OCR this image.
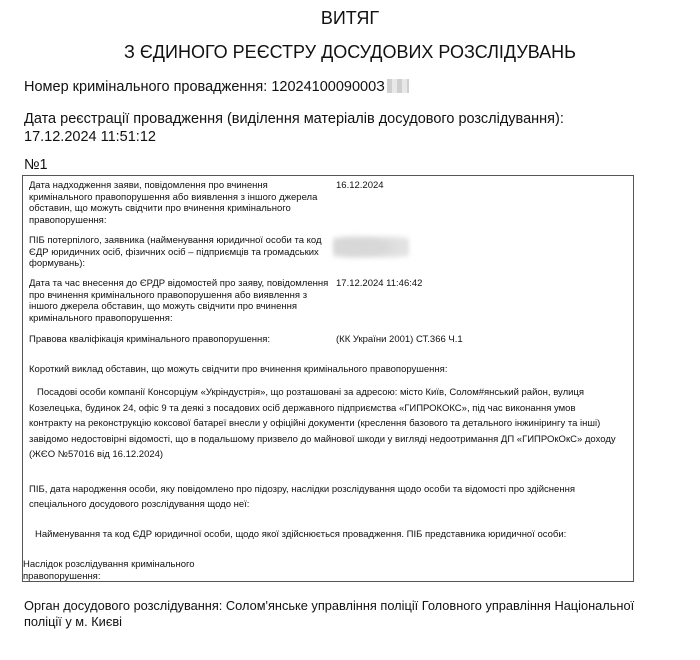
ВИТЯГ
З ЄДИНОГО РЕЄСТРУ ДОСУДОВИХ РОЗСЛІДУВАНЬ
Номер кримінального провадження: 1202410009000З
Дата реєстрації провадження (виділення матеріалів досудового розслідування): 17.12.2024 11:51:12
№1
Дата надходження заяви, повідомлення про вчинення кримінального правопорушення або виявлення з іншого джерела обставин, що можуть свідчити про вчинення кримінального правопорушення:
16.12.2024
ПІБ потерпілого, заявника (найменування юридичної особи та код ЄДР юридичних осіб, фізичних осіб – підприємців та громадських формувань):
Дата та час внесення до ЄРДР відомостей про заяву, повідомлення про вчинення кримінального правопорушення або виявлення з іншого джерела обставин, що можуть свідчити про вчинення кримінального правопорушення:
17.12.2024 11:46:42
Правова кваліфікація кримінального правопорушення:	(КК України 2001) СТ.366 Ч.1
Короткий виклад обставин, що можуть свідчити про вчинення кримінального правопорушення:
Посадові особи компанії Консорціум «Укріндустрія», що розташовані за адресою: місто Київ, Солом#янський район, вулиця Козелецька, будинок 24, офіс 9 та деякі з посадових осіб державного підприємства «ГИПРОКОКС», під час виконання умов контракту на реконструкцію коксової батареї внесли у офіційні документи (креслення базового та детального інжинірингу та інші) завідомо недостовірні відомості, що в подальшому призвело до майнової шкоди у вигляді недоотримання ДП «ГИПРОкОкС» доходу (ЖЄО №57016 від 16.12.2024)
ПІБ, дата народження особи, яку повідомлено про підозру, наслідки розслідування щодо особи та відомості про здійснення спеціального досудового розслідування щодо неї:
Найменування та код ЄДР юридичної особи, щодо якої здійснюється провадження. ПІБ представника юридичної особи:
Наслідок розслідування кримінального правопорушення:
Орган досудового розслідування: Солом'янське управління поліції Головного управління Національної поліції у м. Києві
